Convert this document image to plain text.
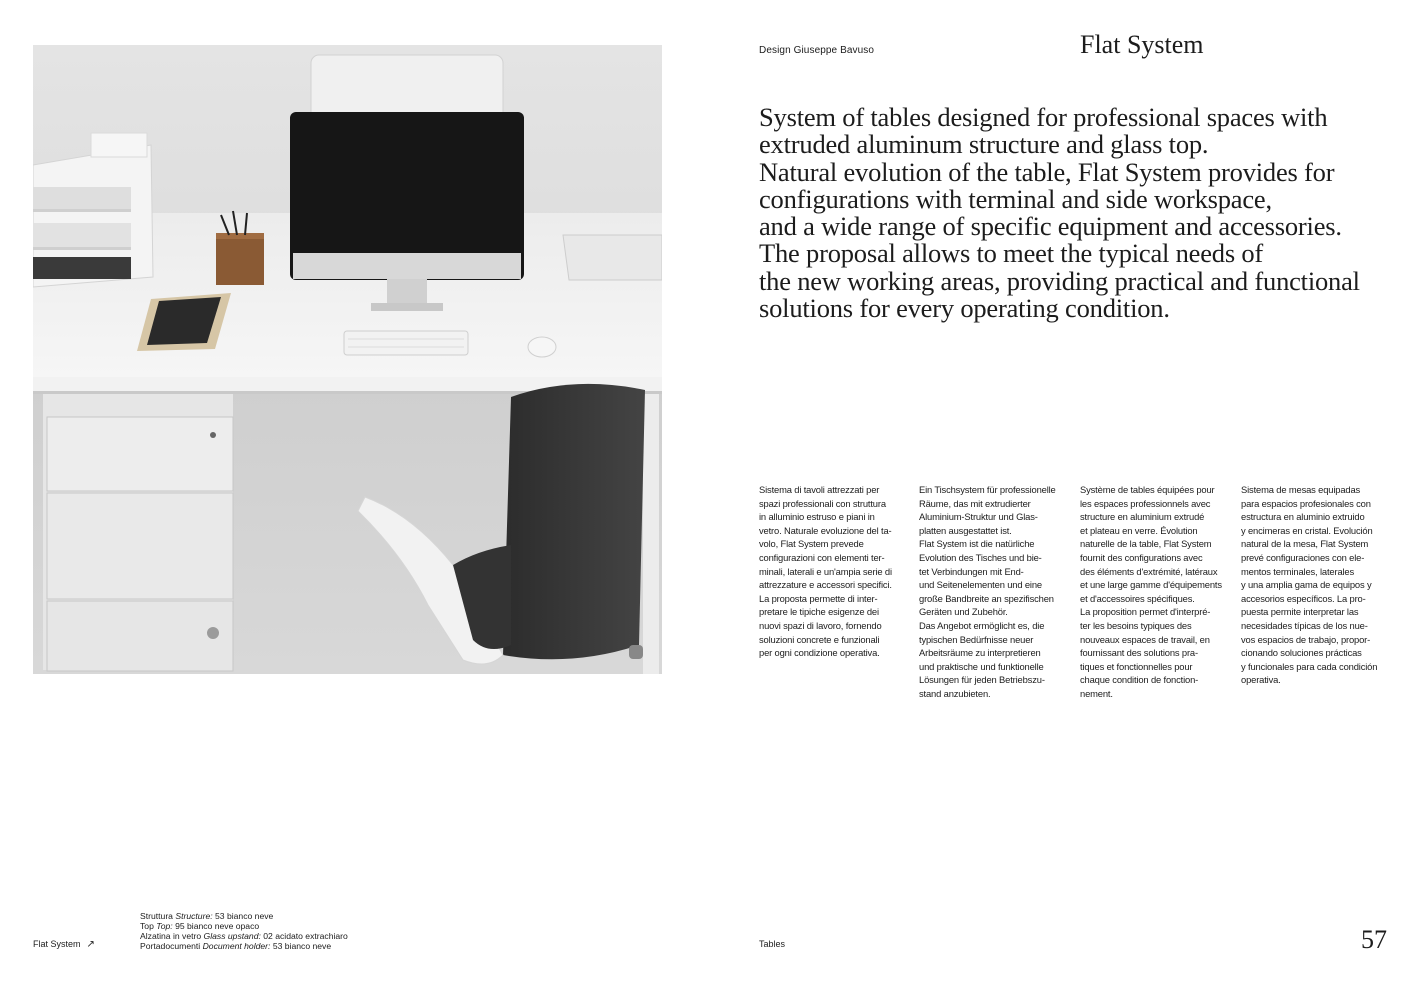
Design Giuseppe Bavuso	Flat System
System of tables designed for professional spaces with
extruded aluminum structure and glass top.
Natural evolution of the table, Flat System provides for
configurations with terminal and side workspace,
and a wide range of specific equipment and accessories.
The proposal allows to meet the typical needs of
the new working areas, providing practical and functional
solutions for every operating condition.
Sistema di tavoli attrezzati per
spazi professionali con struttura
in alluminio estruso e piani in
vetro. Naturale evoluzione del ta-
volo, Flat System prevede
configurazioni con elementi ter-
minali, laterali e un'ampia serie di
attrezzature e accessori specifici.
La proposta permette di inter-
pretare le tipiche esigenze dei
nuovi spazi di lavoro, fornendo
soluzioni concrete e funzionali
per ogni condizione operativa.
Ein Tischsystem für professionelle
Räume, das mit extrudierter
Aluminium-Struktur und Glas-
platten ausgestattet ist.
Flat System ist die natürliche
Evolution des Tisches und bie-
tet Verbindungen mit End-
und Seitenelementen und eine
große Bandbreite an spezifischen
Geräten und Zubehör.
Das Angebot ermöglicht es, die
typischen Bedürfnisse neuer
Arbeitsräume zu interpretieren
und praktische und funktionelle
Lösungen für jeden Betriebszu-
stand anzubieten.
Système de tables équipées pour
les espaces professionnels avec
structure en aluminium extrudé
et plateau en verre. Évolution
naturelle de la table, Flat System
fournit des configurations avec
des éléments d'extrémité, latéraux
et une large gamme d'équipements
et d'accessoires spécifiques.
La proposition permet d'interpré-
ter les besoins typiques des
nouveaux espaces de travail, en
fournissant des solutions pra-
tiques et fonctionnelles pour
chaque condition de fonction-
nement.
Sistema de mesas equipadas
para espacios profesionales con
estructura en aluminio extruido
y encimeras en cristal. Evolución
natural de la mesa, Flat System
prevé configuraciones con ele-
mentos terminales, laterales
y una amplia gama de equipos y
accesorios específicos. La pro-
puesta permite interpretar las
necesidades típicas de los nue-
vos espacios de trabajo, propor-
cionando soluciones prácticas
y funcionales para cada condición
operativa.
Struttura Structure: 53 bianco neve
Top Top: 95 bianco neve opaco
Alzatina in vetro Glass upstand: 02 acidato extrachiaro
Portadocumenti Document holder: 53 bianco neve
Flat System ↗	Tables	57
